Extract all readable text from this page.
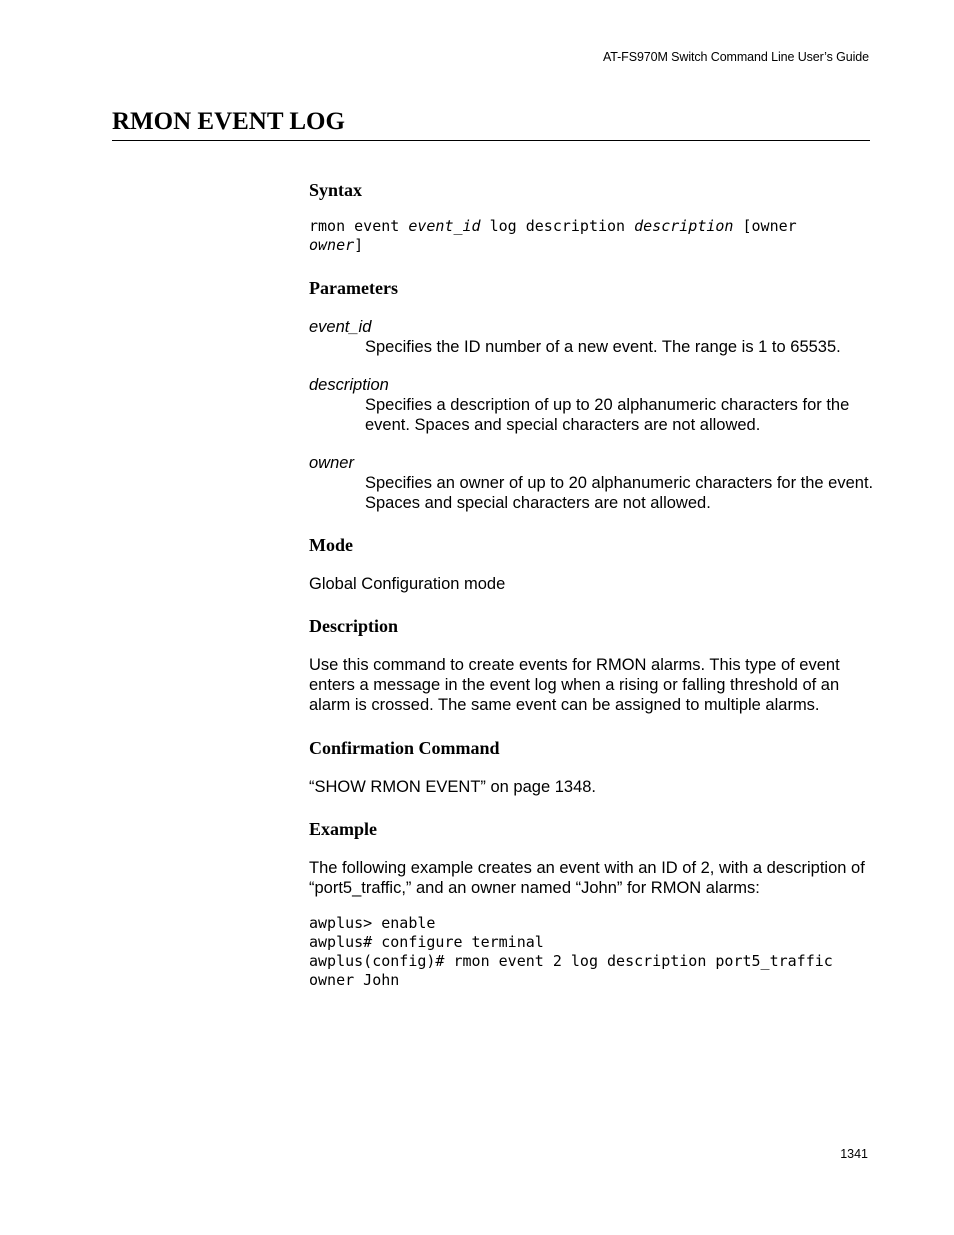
AT-FS970M Switch Command Line User’s Guide
RMON EVENT LOG
Syntax
rmon event event_id log description description [owner
owner]
Parameters
event_id
Specifies the ID number of a new event. The range is 1 to 65535.
description
Specifies a description of up to 20 alphanumeric characters for the event. Spaces and special characters are not allowed.
owner
Specifies an owner of up to 20 alphanumeric characters for the event. Spaces and special characters are not allowed.
Mode

Global Configuration mode

Description

Use this command to create events for RMON alarms. This type of event enters a message in the event log when a rising or falling threshold of an alarm is crossed. The same event can be assigned to multiple alarms.

Confirmation Command

“SHOW RMON EVENT” on page 1348.

Example

The following example creates an event with an ID of 2, with a description of “port5_traffic,” and an owner named “John” for RMON alarms:

awplus> enable
awplus# configure terminal
awplus(config)# rmon event 2 log description port5_traffic
owner John
1341
